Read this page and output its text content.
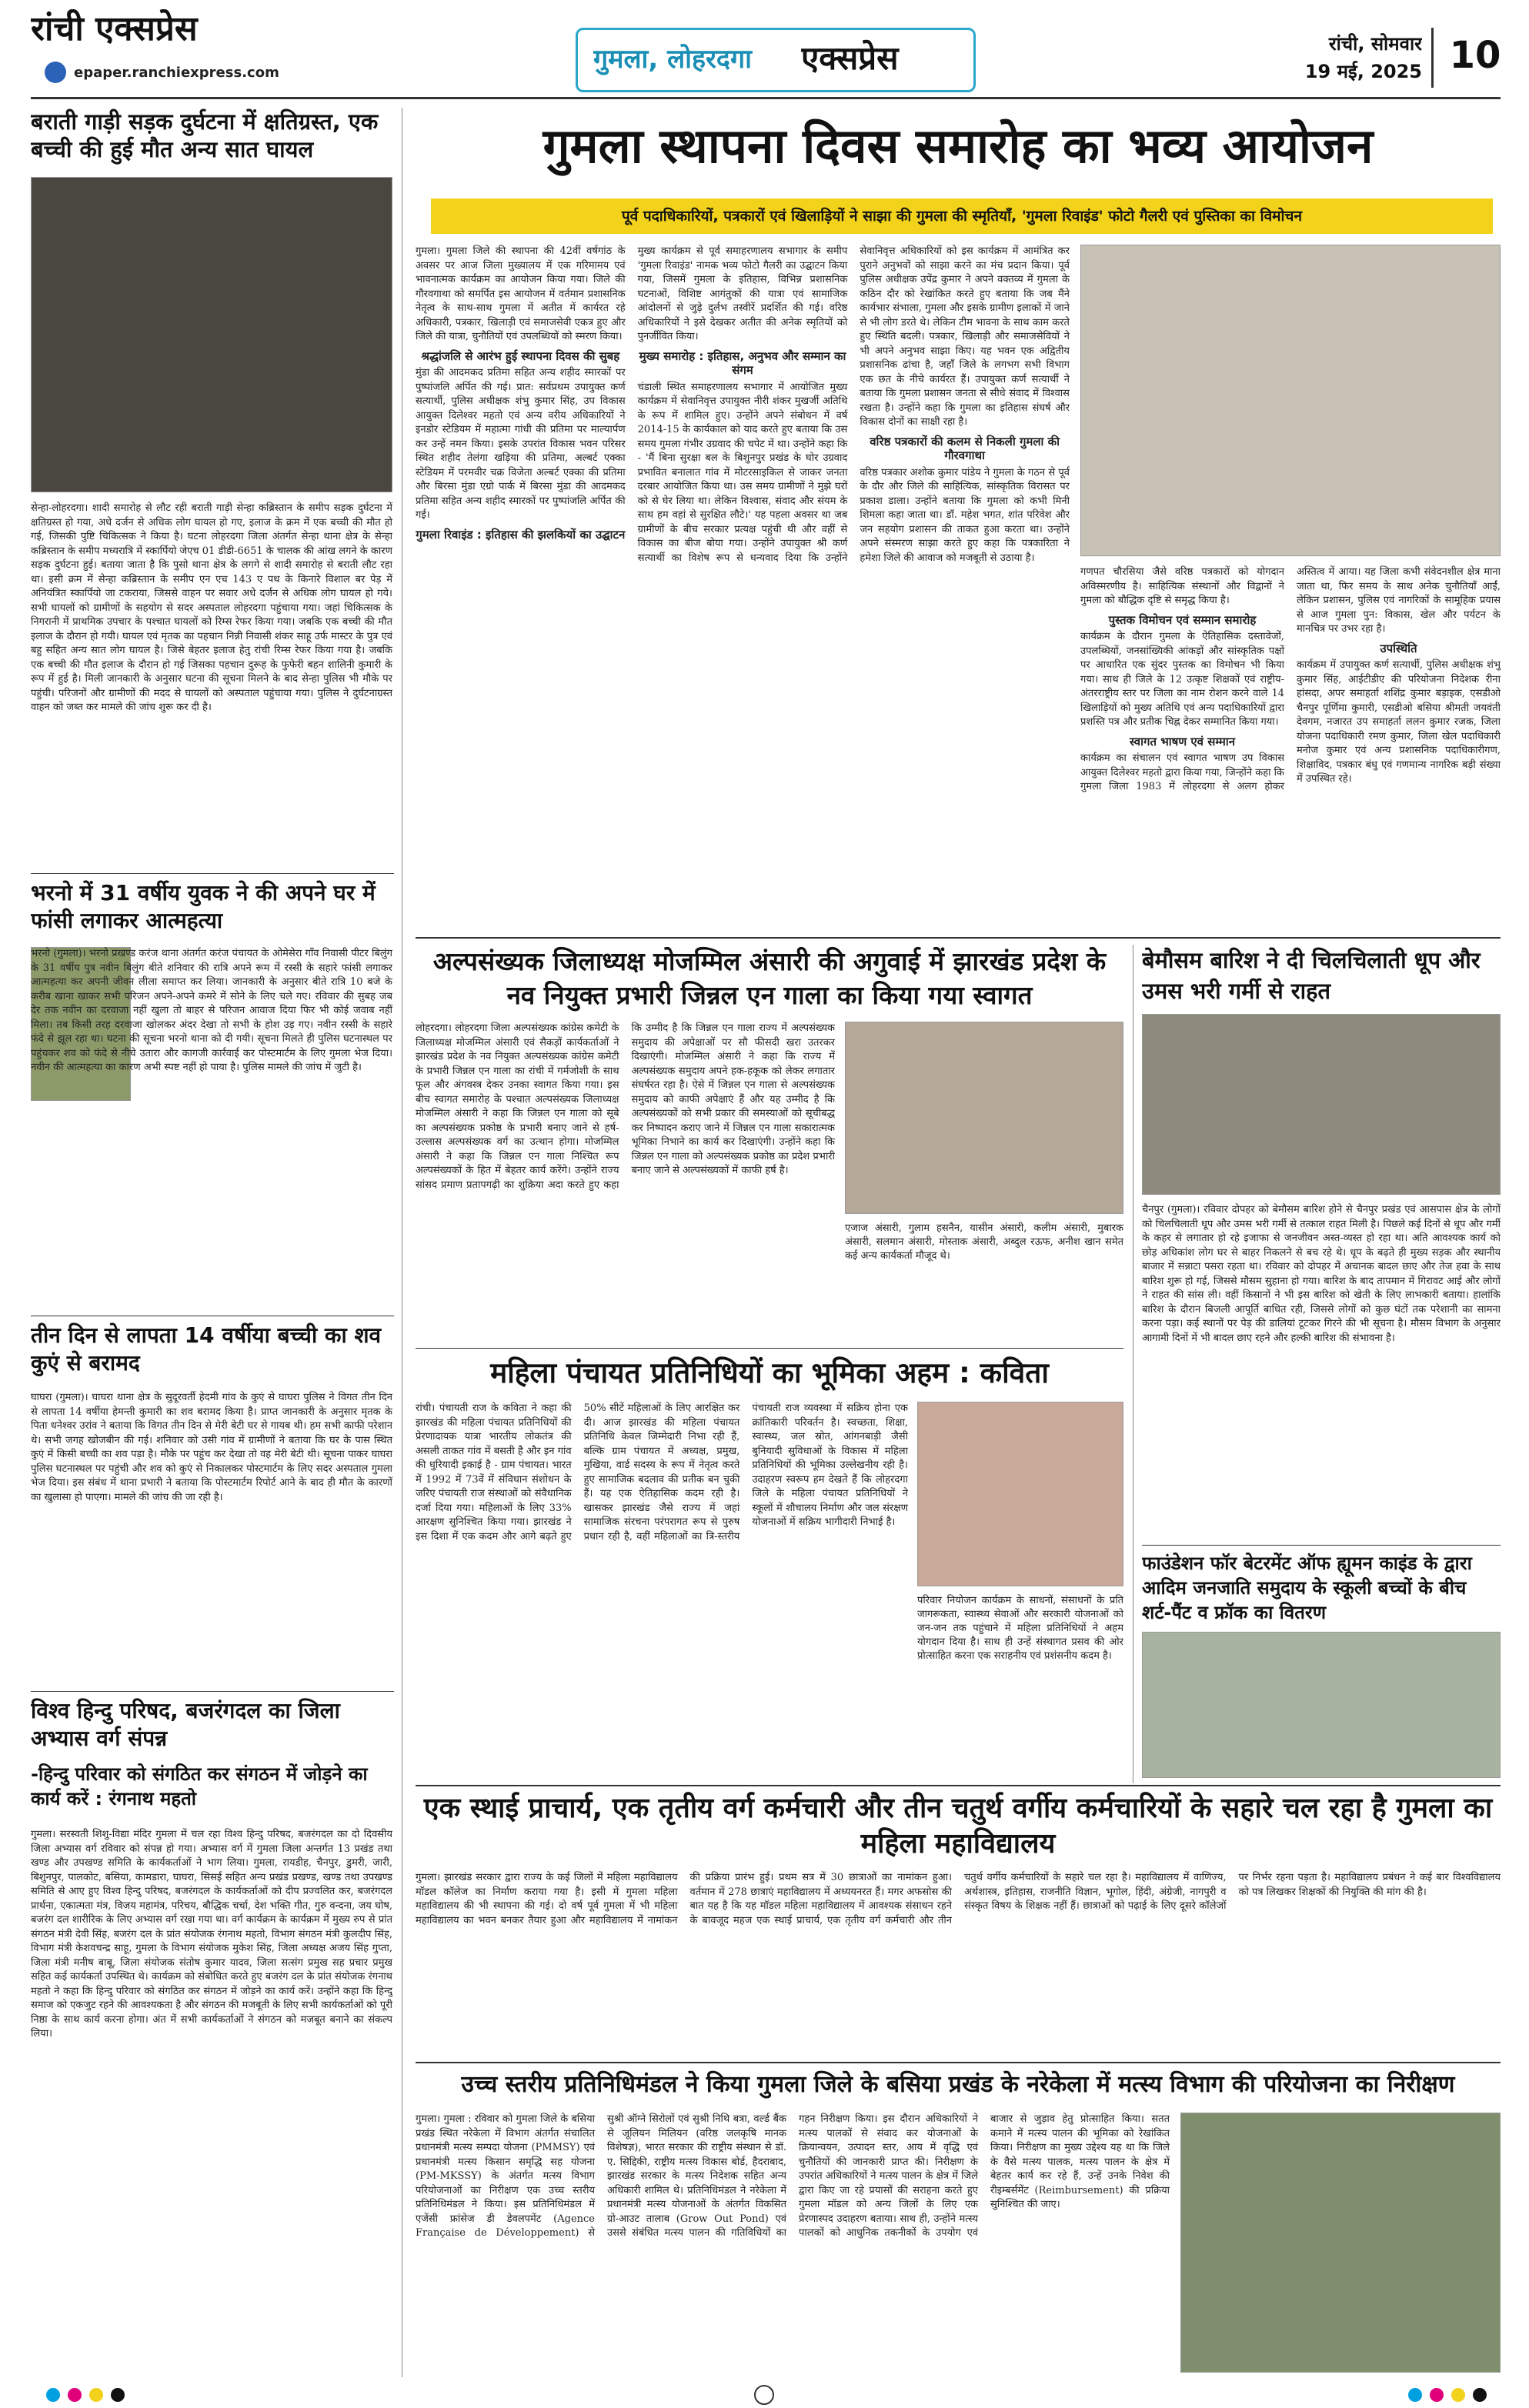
रांची एक्सप्रेस
epaper.ranchiexpress.com	गुमला, लोहरदगा	एक्सप्रेस	रांची, सोमवार
19 मई, 2025 10
बराती गाड़ी सड़क दुर्घटना में क्षतिग्रस्त, एक बच्ची की हुई मौत अन्य सात घायल
सेन्हा-लोहरदगा। शादी समारोह से लौट रही बराती गाड़ी सेन्हा कब्रिस्तान के समीप सड़क दुर्घटना में क्षतिग्रस्त हो गया, अधे दर्जन से अधिक लोग घायल हो गए, इलाज के क्रम में एक बच्ची की मौत हो गई, जिसकी पुष्टि चिकित्सक ने किया है। घटना लोहरदगा जिला अंतर्गत सेन्हा थाना क्षेत्र के सेन्हा कब्रिस्तान के समीप मध्यरात्रि में स्कार्पियो जेएच 01 डीडी-6651 के चालक की आंख लगने के कारण सड़क दुर्घटना हुई। बताया जाता है कि पुसो थाना क्षेत्र के लगगे से शादी समारोह से बराती लौट रहा था। इसी क्रम में सेन्हा कब्रिस्तान के समीप एन एच 143 ए पथ के किनारे विशाल बर पेड़ में अनियंत्रित स्कार्पियो जा टकराया, जिससे वाहन पर सवार अधे दर्जन से अधिक लोग घायल हो गये। सभी घायलों को ग्रामीणों के सहयोग से सदर अस्पताल लोहरदगा पहुंचाया गया। जहां चिकित्सक के निगरानी में प्राथमिक उपचार के पश्चात घायलों को रिम्स रेफर किया गया। जबकि एक बच्ची की मौत इलाज के दौरान हो गयी। घायल एवं मृतक का पहचान निन्नी निवासी शंकर साहू उर्फ मास्टर के पुत्र एवं बहु सहित अन्य सात लोग घायल है। जिसे बेहतर इलाज हेतु रांची रिम्स रेफर किया गया है। जबकि एक बच्ची की मौत इलाज के दौरान हो गई जिसका पहचान दुरूह के फुफेरी बहन शालिनी कुमारी के रूप में हुई है। मिली जानकारी के अनुसार घटना की सूचना मिलने के बाद सेन्हा पुलिस भी मौके पर पहुंची। परिजनों और ग्रामीणों की मदद से घायलों को अस्पताल पहुंचाया गया। पुलिस ने दुर्घटनाग्रस्त वाहन को जब्त कर मामले की जांच शुरू कर दी है।
भरनो में 31 वर्षीय युवक ने की अपने घर में फांसी लगाकर आत्महत्या
भरनो (गुमला)। भरनो प्रखण्ड करंज थाना अंतर्गत करंज पंचायत के ओमेसेरा गाँव निवासी पीटर बिलुंग के 31 वर्षीय पुत्र नवीन बिलुंग बीते शनिवार की रात्रि अपने रूम में रस्सी के सहारे फांसी लगाकर आत्महत्या कर अपनी जीवन लीला समाप्त कर लिया। जानकारी के अनुसार बीते रात्रि 10 बजे के करीब खाना खाकर सभी परिजन अपने-अपने कमरे में सोने के लिए चले गए। रविवार की सुबह जब देर तक नवीन का दरवाजा नहीं खुला तो बाहर से परिजन आवाज दिया फिर भी कोई जवाब नहीं मिला। तब किसी तरह दरवाजा खोलकर अंदर देखा तो सभी के होश उड़ गए। नवीन रस्सी के सहारे फंदे से झूल रहा था। घटना की सूचना भरनो थाना को दी गयी। सूचना मिलते ही पुलिस घटनास्थल पर पहुंचकर शव को फंदे से नीचे उतारा और कागजी कार्रवाई कर पोस्टमार्टम के लिए गुमला भेज दिया। नवीन की आत्महत्या का कारण अभी स्पष्ट नहीं हो पाया है। पुलिस मामले की जांच में जुटी है।
तीन दिन से लापता 14 वर्षीया बच्ची का शव कुएं से बरामद
घाघरा (गुमला)। घाघरा थाना क्षेत्र के सुदूरवर्ती हेदमी गांव के कुएं से घाघरा पुलिस ने विगत तीन दिन से लापता 14 वर्षीया हेमन्ती कुमारी का शव बरामद किया है। प्राप्त जानकारी के अनुसार मृतक के पिता धनेश्वर उरांव ने बताया कि विगत तीन दिन से मेरी बेटी घर से गायब थी। हम सभी काफी परेशान थे। सभी जगह खोजबीन की गई। शनिवार को उसी गांव में ग्रामीणों ने बताया कि घर के पास स्थित कुएं में किसी बच्ची का शव पड़ा है। मौके पर पहुंच कर देखा तो वह मेरी बेटी थी। सूचना पाकर घाघरा पुलिस घटनास्थल पर पहुंची और शव को कुएं से निकालकर पोस्टमार्टम के लिए सदर अस्पताल गुमला भेज दिया। इस संबंध में थाना प्रभारी ने बताया कि पोस्टमार्टम रिपोर्ट आने के बाद ही मौत के कारणों का खुलासा हो पाएगा। मामले की जांच की जा रही है।
विश्व हिन्दु परिषद, बजरंगदल का जिला अभ्यास वर्ग संपन्न
-हिन्दु परिवार को संगठित कर संगठन में जोड़ने का कार्य करें : रंगनाथ महतो
गुमला। सरस्वती शिशु-विद्या मंदिर गुमला में चल रहा विश्व हिन्दु परिषद, बजरंगदल का दो दिवसीय जिला अभ्यास वर्ग रविवार को संपन्न हो गया। अभ्यास वर्ग में गुमला जिला अन्तर्गत 13 प्रखंड तथा खण्ड और उपखण्ड समिति के कार्यकर्ताओं ने भाग लिया। गुमला, रायडीह, चैनपुर, डुमरी, जारी, बिशुनपुर, पालकोट, बसिया, कामडारा, घाघरा, सिसई सहित अन्य प्रखंड प्रखण्ड, खण्ड तथा उपखण्ड समिति से आए हुए विश्व हिन्दु परिषद, बजरंगदल के कार्यकर्ताओं को दीप प्रज्वलित कर, बजरंगदल प्रार्थना, एकात्मता मंत्र, विजय महामंत्र, परिचय, बौद्धिक चर्चा, देश भक्ति गीत, गुरु वन्दना, जय घोष, बजरंग दल शारीरिक के लिए अभ्यास वर्ग रखा गया था। वर्ग कार्यक्रम के कार्यक्रम में मुख्य रुप से प्रांत संगठन मंत्री देवी सिंह, बजरंग दल के प्रांत संयोजक रंगनाथ महतो, विभाग संगठन मंत्री कुलदीप सिंह, विभाग मंत्री केशवचन्द्र साहू, गुमला के विभाग संयोजक मुकेश सिंह, जिला अध्यक्ष अजय सिंह गुप्ता, जिला मंत्री मनीष बाबू, जिला संयोजक संतोष कुमार यादव, जिला सत्संग प्रमुख सह प्रचार प्रमुख सहित कई कार्यकर्ता उपस्थित थे। कार्यक्रम को संबोधित करते हुए बजरंग दल के प्रांत संयोजक रंगनाथ महतो ने कहा कि हिन्दु परिवार को संगठित कर संगठन में जोड़ने का कार्य करें। उन्होंने कहा कि हिन्दु समाज को एकजुट रहने की आवश्यकता है और संगठन की मजबूती के लिए सभी कार्यकर्ताओं को पूरी निष्ठा के साथ कार्य करना होगा। अंत में सभी कार्यकर्ताओं ने संगठन को मजबूत बनाने का संकल्प लिया।
गुमला स्थापना दिवस समारोह का भव्य आयोजन
पूर्व पदाधिकारियों, पत्रकारों एवं खिलाड़ियों ने साझा की गुमला की स्मृतियाँ, 'गुमला रिवाइंड' फोटो गैलरी एवं पुस्तिका का विमोचन
गुमला। गुमला जिले की स्थापना की 42वीं वर्षगांठ के अवसर पर आज जिला मुख्यालय में एक गरिमामय एवं भावनात्मक कार्यक्रम का आयोजन किया गया। जिले की गौरवगाथा को समर्पित इस आयोजन में वर्तमान प्रशासनिक नेतृत्व के साथ-साथ गुमला में अतीत में कार्यरत रहे अधिकारी, पत्रकार, खिलाड़ी एवं समाजसेवी एकत्र हुए और जिले की यात्रा, चुनौतियों एवं उपलब्धियों को स्मरण किया।
श्रद्धांजलि से आरंभ हुई स्थापना दिवस की सुबह
मुंडा की आदमकद प्रतिमा सहित अन्य शहीद स्मारकों पर पुष्पांजलि अर्पित की गई। प्रात: सर्वप्रथम उपायुक्त कर्ण सत्यार्थी, पुलिस अधीक्षक शंभु कुमार सिंह, उप विकास आयुक्त दिलेश्वर महतो एवं अन्य वरीय अधिकारियों ने इनडोर स्टेडियम में महात्मा गांधी की प्रतिमा पर माल्यार्पण कर उन्हें नमन किया। इसके उपरांत विकास भवन परिसर स्थित शहीद तेलंगा खड़िया की प्रतिमा, अल्बर्ट एक्का स्टेडियम में परमवीर चक्र विजेता अल्बर्ट एक्का की प्रतिमा और बिरसा मुंडा एग्रो पार्क में बिरसा मुंडा की आदमकद प्रतिमा सहित अन्य शहीद स्मारकों पर पुष्पांजलि अर्पित की गई।
गुमला रिवाइंड : इतिहास की झलकियों का उद्घाटन
मुख्य कार्यक्रम से पूर्व समाहरणालय सभागार के समीप 'गुमला रिवाइंड' नामक भव्य फोटो गैलरी का उद्घाटन किया गया, जिसमें गुमला के इतिहास, विभिन्न प्रशासनिक घटनाओं, विशिष्ट आगंतुकों की यात्रा एवं सामाजिक आंदोलनों से जुड़े दुर्लभ तस्वीरें प्रदर्शित की गई। वरिष्ठ अधिकारियों ने इसे देखकर अतीत की अनेक स्मृतियों को पुनर्जीवित किया।
मुख्य समारोह : इतिहास, अनुभव और सम्मान का संगम
चंडाली स्थित समाहरणालय सभागार में आयोजित मुख्य कार्यक्रम में सेवानिवृत्त उपायुक्त नीरी शंकर मुखर्जी अतिथि के रूप में शामिल हुए। उन्होंने अपने संबोधन में वर्ष 2014-15 के कार्यकाल को याद करते हुए बताया कि उस समय गुमला गंभीर उग्रवाद की चपेट में था। उन्होंने कहा कि - 'मैं बिना सुरक्षा बल के बिशुनपुर प्रखंड के घोर उग्रवाद प्रभावित बनालात गांव में मोटरसाइकिल से जाकर जनता दरबार आयोजित किया था। उस समय ग्रामीणों ने मुझे घरों को से घेर लिया था। लेकिन विश्वास, संवाद और संयम के साथ हम वहां से सुरक्षित लौटे।' यह पहला अवसर था जब ग्रामीणों के बीच सरकार प्रत्यक्ष पहुंची थी और वहीं से विकास का बीज बोया गया। उन्होंने उपायुक्त श्री कर्ण सत्यार्थी का विशेष रूप से धन्यवाद दिया कि उन्होंने सेवानिवृत्त अधिकारियों को इस कार्यक्रम में आमंत्रित कर पुराने अनुभवों को साझा करने का मंच प्रदान किया। पूर्व पुलिस अधीक्षक उपेंद्र कुमार ने अपने वक्तव्य में गुमला के कठिन दौर को रेखांकित करते हुए बताया कि जब मैंने कार्यभार संभाला, गुमला और इसके ग्रामीण इलाकों में जाने से भी लोग डरते थे। लेकिन टीम भावना के साथ काम करते हुए स्थिति बदली। पत्रकार, खिलाड़ी और समाजसेवियों ने भी अपने अनुभव साझा किए। यह भवन एक अद्वितीय प्रशासनिक ढांचा है, जहाँ जिले के लगभग सभी विभाग एक छत के नीचे कार्यरत हैं। उपायुक्त कर्ण सत्यार्थी ने बताया कि गुमला प्रशासन जनता से सीधे संवाद में विश्वास रखता है। उन्होंने कहा कि गुमला का इतिहास संघर्ष और विकास दोनों का साक्षी रहा है।
वरिष्ठ पत्रकारों की कलम से निकली गुमला की गौरवगाथा
वरिष्ठ पत्रकार अशोक कुमार पांडेय ने गुमला के गठन से पूर्व के दौर और जिले की साहित्यिक, सांस्कृतिक विरासत पर प्रकाश डाला। उन्होंने बताया कि गुमला को कभी मिनी शिमला कहा जाता था। डॉ. महेश भगत, शांत परिवेश और जन सहयोग प्रशासन की ताकत हुआ करता था। उन्होंने अपने संस्मरण साझा करते हुए कहा कि पत्रकारिता ने हमेशा जिले की आवाज को मजबूती से उठाया है।
गणपत चौरसिया जैसे वरिष्ठ पत्रकारों को योगदान अविस्मरणीय है। साहित्यिक संस्थानों और विद्वानों ने गुमला को बौद्धिक दृष्टि से समृद्ध किया है।
पुस्तक विमोचन एवं सम्मान समारोह
कार्यक्रम के दौरान गुमला के ऐतिहासिक दस्तावेजों, उपलब्धियों, जनसांख्यिकी आंकड़ों और सांस्कृतिक पक्षों पर आधारित एक सुंदर पुस्तक का विमोचन भी किया गया। साथ ही जिले के 12 उत्कृष्ट शिक्षकों एवं राष्ट्रीय-अंतरराष्ट्रीय स्तर पर जिला का नाम रोशन करने वाले 14 खिलाड़ियों को मुख्य अतिथि एवं अन्य पदाधिकारियों द्वारा प्रशस्ति पत्र और प्रतीक चिह्न देकर सम्मानित किया गया।
स्वागत भाषण एवं सम्मान
कार्यक्रम का संचालन एवं स्वागत भाषण उप विकास आयुक्त दिलेश्वर महतो द्वारा किया गया, जिन्होंने कहा कि गुमला जिला 1983 में लोहरदगा से अलग होकर अस्तित्व में आया। यह जिला कभी संवेदनशील क्षेत्र माना जाता था, फिर समय के साथ अनेक चुनौतियाँ आईं, लेकिन प्रशासन, पुलिस एवं नागरिकों के सामूहिक प्रयास से आज गुमला पुन: विकास, खेल और पर्यटन के मानचित्र पर उभर रहा है।
उपस्थिति
कार्यक्रम में उपायुक्त कर्ण सत्यार्थी, पुलिस अधीक्षक शंभु कुमार सिंह, आईटीडीए की परियोजना निदेशक रीना हांसदा, अपर समाहर्ता शशिंद्र कुमार बड़ाइक, एसडीओ चैनपुर पूर्णिमा कुमारी, एसडीओ बसिया श्रीमती जयवंती देवगम, नजारत उप समाहर्ता ललन कुमार रजक, जिला योजना पदाधिकारी रमण कुमार, जिला खेल पदाधिकारी मनोज कुमार एवं अन्य प्रशासनिक पदाधिकारीगण, शिक्षाविद, पत्रकार बंधु एवं गणमान्य नागरिक बड़ी संख्या में उपस्थित रहे।
अल्पसंख्यक जिलाध्यक्ष मोजम्मिल अंसारी की अगुवाई में झारखंड प्रदेश के नव नियुक्त प्रभारी जिन्नल एन गाला का किया गया स्वागत
लोहरदगा। लोहरदगा जिला अल्पसंख्यक कांग्रेस कमेटी के जिलाध्यक्ष मोजम्मिल अंसारी एवं सैकड़ों कार्यकर्ताओं ने झारखंड प्रदेश के नव नियुक्त अल्पसंख्यक कांग्रेस कमेटी के प्रभारी जिन्नल एन गाला का रांची में गर्मजोशी के साथ फूल और अंगवस्त्र देकर उनका स्वागत किया गया। इस बीच स्वागत समारोह के पश्चात अल्पसंख्यक जिलाध्यक्ष मोजम्मिल अंसारी ने कहा कि जिन्नल एन गाला को सूबे का अल्पसंख्यक प्रकोष्ठ के प्रभारी बनाए जाने से हर्ष-उल्लास अल्पसंख्यक वर्ग का उत्थान होगा। मोजम्मिल अंसारी ने कहा कि जिन्नल एन गाला निश्चित रूप अल्पसंख्यकों के हित में बेहतर कार्य करेंगे। उन्होंने राज्य सांसद प्रमाण प्रतापगढ़ी का शुक्रिया अदा करते हुए कहा कि उम्मीद है कि जिन्नल एन गाला राज्य में अल्पसंख्यक समुदाय की अपेक्षाओं पर सौ फीसदी खरा उतरकर दिखाएंगी। मोजम्मिल अंसारी ने कहा कि राज्य में अल्पसंख्यक समुदाय अपने हक-हकूक को लेकर लगातार संघर्षरत रहा है। ऐसे में जिन्नल एन गाला से अल्पसंख्यक समुदाय को काफी अपेक्षाएं हैं और यह उम्मीद है कि अल्पसंख्यकों को सभी प्रकार की समस्याओं को सूचीबद्ध कर निष्पादन कराए जाने में जिन्नल एन गाला सकारात्मक भूमिका निभाने का कार्य कर दिखाएंगी। उन्होंने कहा कि जिन्नल एन गाला को अल्पसंख्यक प्रकोष्ठ का प्रदेश प्रभारी बनाए जाने से अल्पसंख्यकों में काफी हर्ष है।
एजाज अंसारी, गुलाम हसनैन, यासीन अंसारी, कलीम अंसारी, मुबारक अंसारी, सलमान अंसारी, मोस्ताक अंसारी, अब्दुल रऊफ, अनीश खान समेत कई अन्य कार्यकर्ता मौजूद थे।
बेमौसम बारिश ने दी चिलचिलाती धूप और उमस भरी गर्मी से राहत
चैनपुर (गुमला)। रविवार दोपहर को बेमौसम बारिश होने से चैनपुर प्रखंड एवं आसपास क्षेत्र के लोगों को चिलचिलाती धूप और उमस भरी गर्मी से तत्काल राहत मिली है। पिछले कई दिनों से धूप और गर्मी के कहर से लगातार हो रहे इजाफा से जनजीवन अस्त-व्यस्त हो रहा था। अति आवश्यक कार्य को छोड़ अधिकांश लोग घर से बाहर निकलने से बच रहे थे। धूप के बढ़ते ही मुख्य सड़क और स्थानीय बाजार में सन्नाटा पसरा रहता था। रविवार को दोपहर में अचानक बादल छाए और तेज हवा के साथ बारिश शुरू हो गई, जिससे मौसम सुहाना हो गया। बारिश के बाद तापमान में गिरावट आई और लोगों ने राहत की सांस ली। वहीं किसानों ने भी इस बारिश को खेती के लिए लाभकारी बताया। हालांकि बारिश के दौरान बिजली आपूर्ति बाधित रही, जिससे लोगों को कुछ घंटों तक परेशानी का सामना करना पड़ा। कई स्थानों पर पेड़ की डालियां टूटकर गिरने की भी सूचना है। मौसम विभाग के अनुसार आगामी दिनों में भी बादल छाए रहने और हल्की बारिश की संभावना है।
फाउंडेशन फॉर बेटरमेंट ऑफ ह्यूमन काइंड के द्वारा आदिम जनजाति समुदाय के स्कूली बच्चों के बीच शर्ट-पैंट व फ्रॉक का वितरण
महिला पंचायत प्रतिनिधियों का भूमिका अहम : कविता
रांची। पंचायती राज के कविता ने कहा की झारखंड की महिला पंचायत प्रतिनिधियों की प्रेरणादायक यात्रा भारतीय लोकतंत्र की असली ताकत गांव में बसती है और इन गांव की धुरियादी इकाई है - ग्राम पंचायत। भारत में 1992 में 73वें में संविधान संशोधन के जरिए पंचायती राज संस्थाओं को संवैधानिक दर्जा दिया गया। महिलाओं के लिए 33% आरक्षण सुनिश्चित किया गया। झारखंड ने इस दिशा में एक कदम और आगे बढ़ते हुए 50% सीटें महिलाओं के लिए आरक्षित कर दी। आज झारखंड की महिला पंचायत प्रतिनिधि केवल जिम्मेदारी निभा रही हैं, बल्कि ग्राम पंचायत में अध्यक्ष, प्रमुख, मुखिया, वार्ड सदस्य के रूप में नेतृत्व करते हुए सामाजिक बदलाव की प्रतीक बन चुकी हैं। यह एक ऐतिहासिक कदम रही है। खासकर झारखंड जैसे राज्य में जहां सामाजिक संरचना परंपरागत रूप से पुरुष प्रधान रही है, वहीं महिलाओं का त्रि-स्तरीय पंचायती राज व्यवस्था में सक्रिय होना एक क्रांतिकारी परिवर्तन है। स्वच्छता, शिक्षा, स्वास्थ्य, जल स्रोत, आंगनबाड़ी जैसी बुनियादी सुविधाओं के विकास में महिला प्रतिनिधियों की भूमिका उल्लेखनीय रही है। उदाहरण स्वरूप हम देखते हैं कि लोहरदगा जिले के महिला पंचायत प्रतिनिधियों ने स्कूलों में शौचालय निर्माण और जल संरक्षण योजनाओं में सक्रिय भागीदारी निभाई है।
परिवार नियोजन कार्यक्रम के साधनों, संसाधनों के प्रति जागरूकता, स्वास्थ्य सेवाओं और सरकारी योजनाओं को जन-जन तक पहुंचाने में महिला प्रतिनिधियों ने अहम योगदान दिया है। साथ ही उन्हें संस्थागत प्रसव की ओर प्रोत्साहित करना एक सराहनीय एवं प्रशंसनीय कदम है।
एक स्थाई प्राचार्य, एक तृतीय वर्ग कर्मचारी और तीन चतुर्थ वर्गीय कर्मचारियों के सहारे चल रहा है गुमला का महिला महाविद्यालय
गुमला। झारखंड सरकार द्वारा राज्य के कई जिलों में महिला महाविद्यालय मॉडल कॉलेज का निर्माण कराया गया है। इसी में गुमला महिला महाविद्यालय की भी स्थापना की गई। दो वर्ष पूर्व गुमला में भी महिला महाविद्यालय का भवन बनकर तैयार हुआ और महाविद्यालय में नामांकन की प्रक्रिया प्रारंभ हुई। प्रथम सत्र में 30 छात्राओं का नामांकन हुआ। वर्तमान में 278 छात्राएं महाविद्यालय में अध्ययनरत हैं। मगर अफसोस की बात यह है कि यह मॉडल महिला महाविद्यालय में आवश्यक संसाधन रहने के बावजूद महज एक स्थाई प्राचार्य, एक तृतीय वर्ग कर्मचारी और तीन चतुर्थ वर्गीय कर्मचारियों के सहारे चल रहा है। महाविद्यालय में वाणिज्य, अर्थशास्त्र, इतिहास, राजनीति विज्ञान, भूगोल, हिंदी, अंग्रेजी, नागपुरी व संस्कृत विषय के शिक्षक नहीं हैं। छात्राओं को पढ़ाई के लिए दूसरे कॉलेजों पर निर्भर रहना पड़ता है। महाविद्यालय प्रबंधन ने कई बार विश्वविद्यालय को पत्र लिखकर शिक्षकों की नियुक्ति की मांग की है।
उच्च स्तरीय प्रतिनिधिमंडल ने किया गुमला जिले के बसिया प्रखंड के नरेकेला में मत्स्य विभाग की परियोजना का निरीक्षण
गुमला। गुमला : रविवार को गुमला जिले के बसिया प्रखंड स्थित नरेकेला में विभाग अंतर्गत संचालित प्रधानमंत्री मत्स्य सम्पदा योजना (PMMSY) एवं प्रधानमंत्री मत्स्य किसान समृद्धि सह योजना (PM-MKSSY) के अंतर्गत मत्स्य विभाग परियोजनाओं का निरीक्षण एक उच्च स्तरीय प्रतिनिधिमंडल ने किया। इस प्रतिनिधिमंडल में एजेंसी फ्रांसेज डी डेवलपमेंट (Agence Française de Développement) से सुश्री ऑग्ने सिरोलों एवं सुश्री निथि बत्रा, वर्ल्ड बैंक से जूलियन मिलियन (वरिष्ठ जलकृषि मानक विशेषज्ञ), भारत सरकार की राष्ट्रीय संस्थान से डॉ. ए. सिद्दिकी, राष्ट्रीय मत्स्य विकास बोर्ड, हैदराबाद, झारखंड सरकार के मत्स्य निदेशक सहित अन्य अधिकारी शामिल थे। प्रतिनिधिमंडल ने नरेकेला में प्रधानमंत्री मत्स्य योजनाओं के अंतर्गत विकसित ग्रो-आउट तालाब (Grow Out Pond) एवं उससे संबंधित मत्स्य पालन की गतिविधियों का गहन निरीक्षण किया। इस दौरान अधिकारियों ने मत्स्य पालकों से संवाद कर योजनाओं के क्रियान्वयन, उत्पादन स्तर, आय में वृद्धि एवं चुनौतियों की जानकारी प्राप्त की। निरीक्षण के उपरांत अधिकारियों ने मत्स्य पालन के क्षेत्र में जिले द्वारा किए जा रहे प्रयासों की सराहना करते हुए गुमला मॉडल को अन्य जिलों के लिए एक प्रेरणास्पद उदाहरण बताया। साथ ही, उन्होंने मत्स्य पालकों को आधुनिक तकनीकों के उपयोग एवं बाजार से जुड़ाव हेतु प्रोत्साहित किया। सतत कमाने में मत्स्य पालन की भूमिका को रेखांकित किया। निरीक्षण का मुख्य उद्देश्य यह था कि जिले के वैसे मत्स्य पालक, मत्स्य पालन के क्षेत्र में बेहतर कार्य कर रहे हैं, उन्हें उनके निवेश की रीइम्बर्समेंट (Reimbursement) की प्रक्रिया सुनिश्चित की जाए।
